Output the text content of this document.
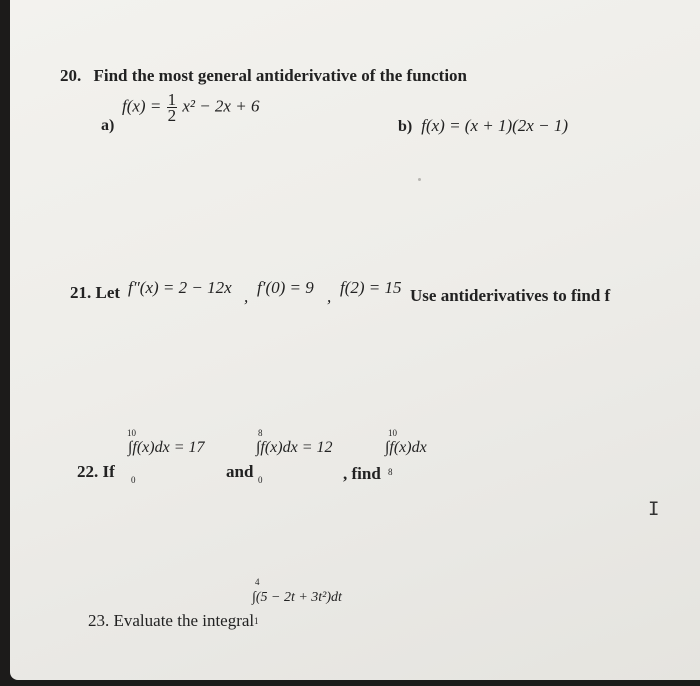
20. Find the most general antiderivative of the function
a)
$f(x) = \frac{1}{2} x^2 - 2x + 6$
b) f(x) = (x + 1)(2x − 1)
21. Let f″(x) = 2 − 12x , f′(0) = 9 , f(2) = 15 Use antiderivatives to find f
22. If
10
∫f(x)dx = 17
0	and
8
∫f(x)dx = 12
0	, find
10
∫f(x)dx
8
23. Evaluate the integral
4
∫(5 − 2t + 3t²)dt
1
I
